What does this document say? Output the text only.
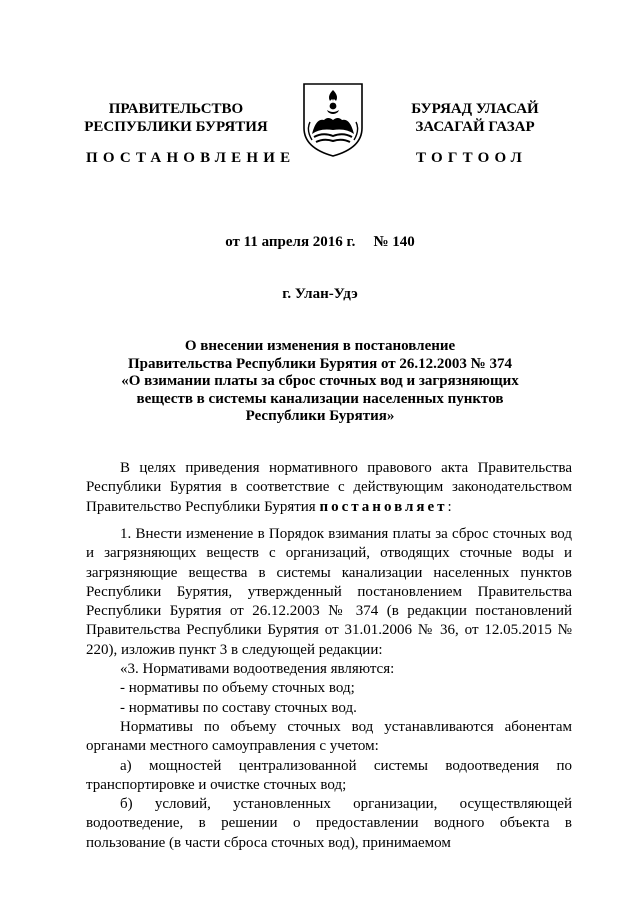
ПРАВИТЕЛЬСТВО
РЕСПУБЛИКИ БУРЯТИЯ
БУРЯАД УЛАСАЙ
ЗАСАГАЙ ГАЗАР
ПОСТАНОВЛЕНИЕ	ТОГТООЛ
от 11 апреля 2016 г. № 140
г. Улан-Удэ
О внесении изменения в постановление
Правительства Республики Бурятия от 26.12.2003 № 374
«О взимании платы за сброс сточных вод и загрязняющих
веществ в системы канализации населенных пунктов
Республики Бурятия»

В целях приведения нормативного правового акта Правительства Республики Бурятия в соответствие с действующим законодательством Правительство Республики Бурятия постановляет:

1. Внести изменение в Порядок взимания платы за сброс сточных вод и загрязняющих веществ с организаций, отводящих сточные воды и загрязняющие вещества в системы канализации населенных пунктов Республики Бурятия, утвержденный постановлением Правительства Республики Бурятия от 26.12.2003 № 374 (в редакции постановлений Правительства Республики Бурятия от 31.01.2006 № 36, от 12.05.2015 № 220), изложив пункт 3 в следующей редакции:

«3. Нормативами водоотведения являются:

- нормативы по объему сточных вод;

- нормативы по составу сточных вод.

Нормативы по объему сточных вод устанавливаются абонентам органами местного самоуправления с учетом:

а) мощностей централизованной системы водоотведения по транспортировке и очистке сточных вод;

б) условий, установленных организации, осуществляющей водоотведение, в решении о предоставлении водного объекта в пользование (в части сброса сточных вод), принимаемом
